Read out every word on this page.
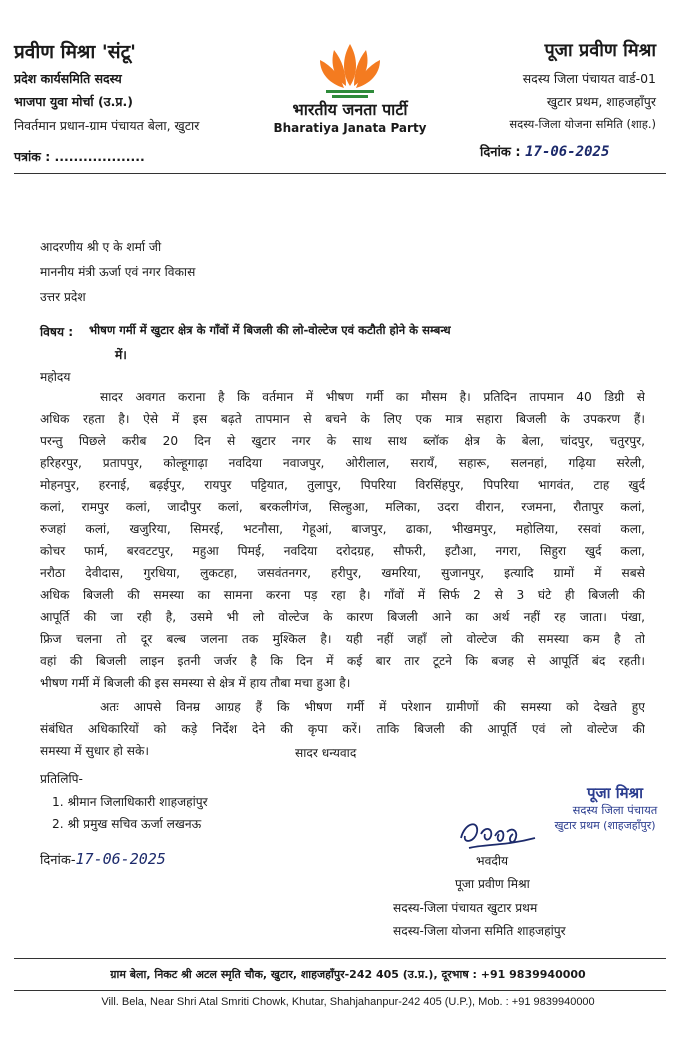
प्रवीण मिश्रा 'संटू'
प्रदेश कार्यसमिति सदस्य
भाजपा युवा मोर्चा (उ.प्र.)
निवर्तमान प्रधान-ग्राम पंचायत बेला, खुटार
पत्रांक : ...................
भारतीय जनता पार्टी
Bharatiya Janata Party
पूजा प्रवीण मिश्रा
सदस्य जिला पंचायत वार्ड-01
खुटार प्रथम, शाहजहाँपुर
सदस्य-जिला योजना समिति (शाह.)
दिनांक : 17-06-2025
आदरणीय श्री ए के शर्मा जी
माननीय मंत्री ऊर्जा एवं नगर विकास
उत्तर प्रदेश
विषय : भीषण गर्मी में खुटार क्षेत्र के गाँवों में बिजली की लो-वोल्टेज एवं कटौती होने के सम्बन्ध
में।
महोदय
सादर अवगत कराना है कि वर्तमान में भीषण गर्मी का मौसम है। प्रतिदिन तापमान 40 डिग्री से
अधिक रहता है। ऐसे में इस बढ़ते तापमान से बचने के लिए एक मात्र सहारा बिजली के उपकरण हैं।
परन्तु पिछले करीब 20 दिन से खुटार नगर के साथ साथ ब्लॉक क्षेत्र के बेला, चांदपुर, चतुरपुर,
हरिहरपुर, प्रतापपुर, कोल्हूगाढ़ा नवदिया नवाजपुर, ओरीलाल, सरायँ, सहारू, सलनहां, गढ़िया सरेली,
मोहनपुर, हरनाई, बढ़ईपुर, रायपुर पट्टियात, तुलापुर, पिपरिया विरसिंहपुर, पिपरिया भागवंत, टाह खुर्द
कलां, रामपुर कलां, जादौपुर कलां, बरकलीगंज, सिल्हुआ, मलिका, उदरा वीरान, रजमना, रौतापुर कलां,
रुजहां कलां, खजुरिया, सिमरई, भटनौसा, गेहूआं, बाजपुर, ढाका, भीखमपुर, महोलिया, रसवां कला,
कोचर फार्म, बरवटटपुर, महुआ पिमई, नवदिया दरोदग्रह, सौफरी, इटौआ, नगरा, सिहुरा खुर्द कला,
नरौठा देवीदास, गुरधिया, लुकटहा, जसवंतनगर, हरीपुर, खमरिया, सुजानपुर, इत्यादि ग्रामों में सबसे
अधिक बिजली की समस्या का सामना करना पड़ रहा है। गाँवों में सिर्फ 2 से 3 घंटे ही बिजली की
आपूर्ति की जा रही है, उसमे भी लो वोल्टेज के कारण बिजली आने का अर्थ नहीं रह जाता। पंखा,
फ्रिज चलना तो दूर बल्ब जलना तक मुश्किल है। यही नहीं जहाँ लो वोल्टेज की समस्या कम है तो
वहां की बिजली लाइन इतनी जर्जर है कि दिन में कई बार तार टूटने कि बजह से आपूर्ति बंद रहती।
भीषण गर्मी में बिजली की इस समस्या से क्षेत्र में हाय तौबा मचा हुआ है।
अतः आपसे विनम्र आग्रह हैं कि भीषण गर्मी में परेशान ग्रामीणों की समस्या को देखते हुए
संबंधित अधिकारियों को कड़े निर्देश देने की कृपा करें। ताकि बिजली की आपूर्ति एवं लो वोल्टेज की
समस्या में सुधार हो सके।	सादर धन्यवाद
प्रतिलिपि-
1. श्रीमान जिलाधिकारी शाहजहांपुर
2. श्री प्रमुख सचिव ऊर्जा लखनऊ
दिनांक-17-06-2025
पूजा मिश्रा
सदस्य जिला पंचायत
खुटार प्रथम (शाहजहाँपुर)
भवदीय
पूजा प्रवीण मिश्रा
सदस्य-जिला पंचायत खुटार प्रथम
सदस्य-जिला योजना समिति शाहजहांपुर
ग्राम बेला, निकट श्री अटल स्मृति चौक, खुटार, शाहजहाँपुर-242 405 (उ.प्र.), दूरभाष : +91 9839940000
Vill. Bela, Near Shri Atal Smriti Chowk, Khutar, Shahjahanpur-242 405 (U.P.), Mob. : +91 9839940000
